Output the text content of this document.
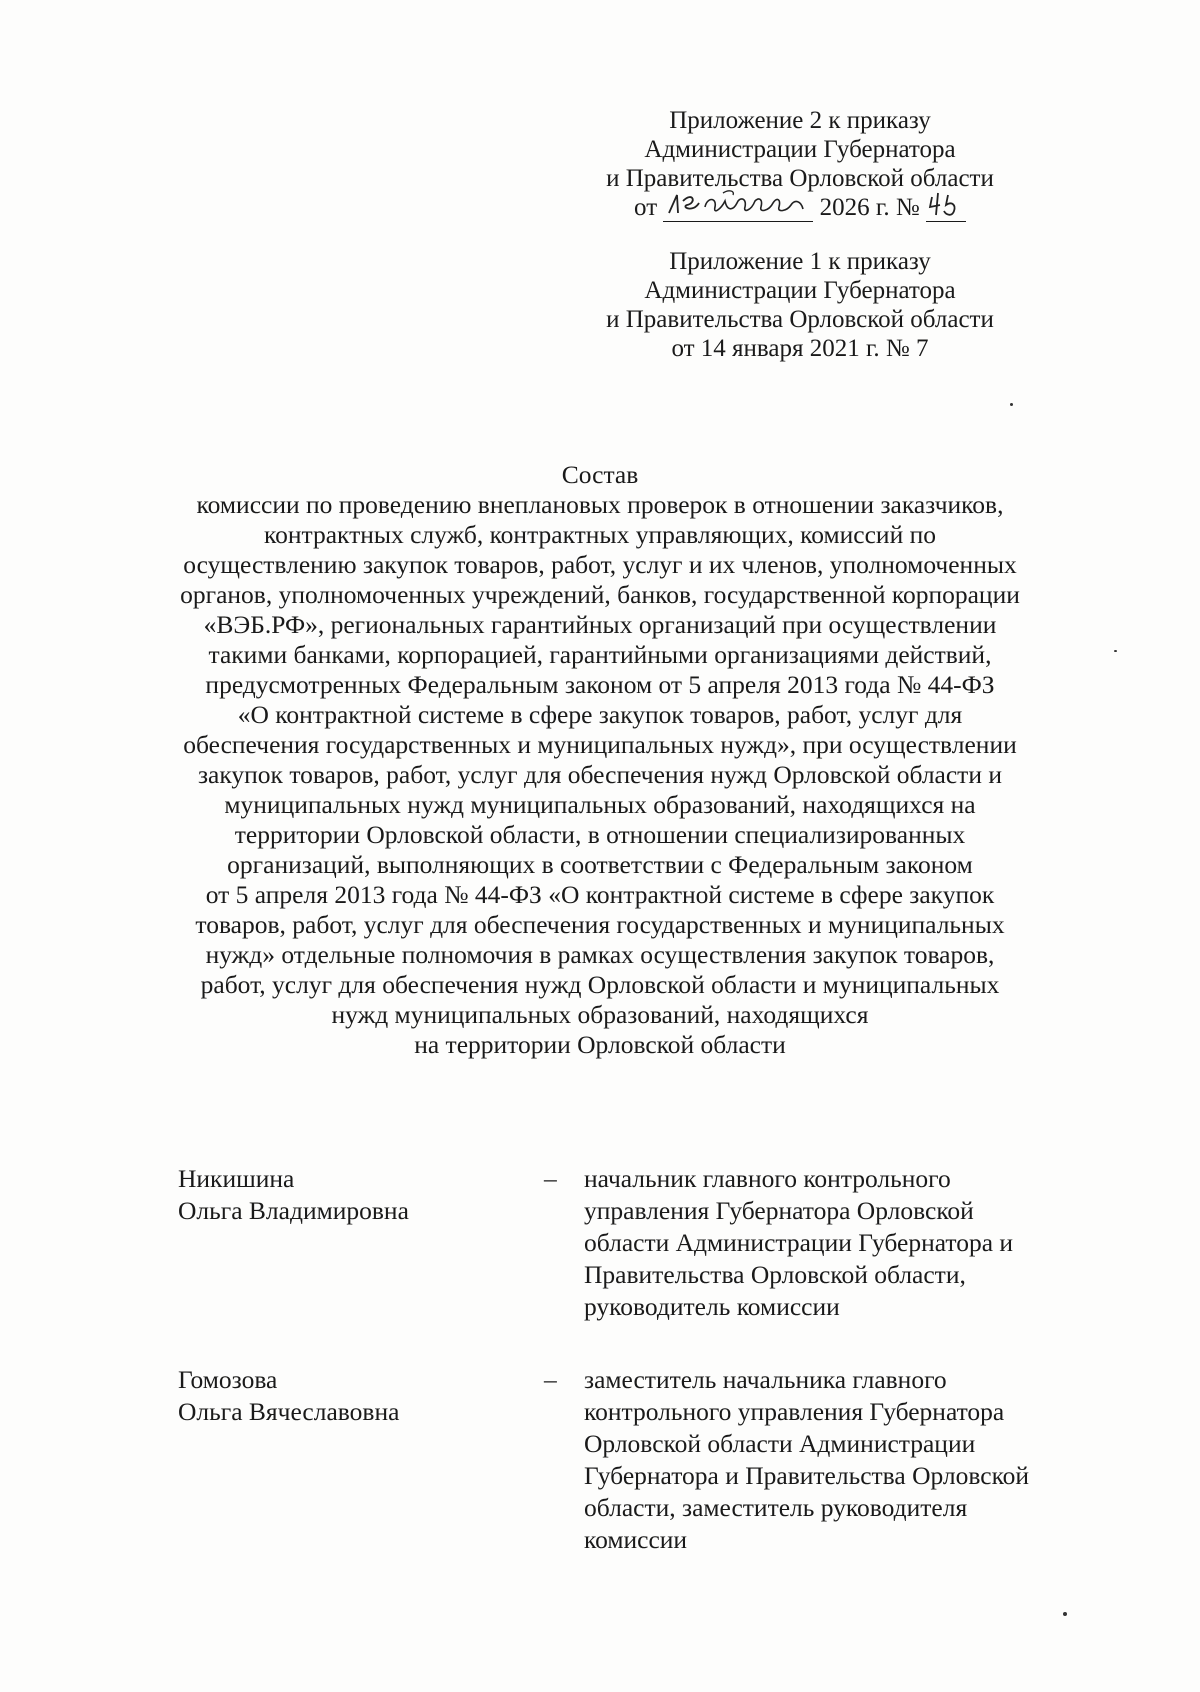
Приложение 2 к приказу
Администрации Губернатора
и Правительства Орловской области
от	2026 г. №
Приложение 1 к приказу
Администрации Губернатора
и Правительства Орловской области
от 14 января 2021 г. № 7
Состав
комиссии по проведению внеплановых проверок в отношении заказчиков,
контрактных служб, контрактных управляющих, комиссий по
осуществлению закупок товаров, работ, услуг и их членов, уполномоченных
органов, уполномоченных учреждений, банков, государственной корпорации
«ВЭБ.РФ», региональных гарантийных организаций при осуществлении
такими банками, корпорацией, гарантийными организациями действий,
предусмотренных Федеральным законом от 5 апреля 2013 года № 44-ФЗ
«О контрактной системе в сфере закупок товаров, работ, услуг для
обеспечения государственных и муниципальных нужд», при осуществлении
закупок товаров, работ, услуг для обеспечения нужд Орловской области и
муниципальных нужд муниципальных образований, находящихся на
территории Орловской области, в отношении специализированных
организаций, выполняющих в соответствии с Федеральным законом
от 5 апреля 2013 года № 44-ФЗ «О контрактной системе в сфере закупок
товаров, работ, услуг для обеспечения государственных и муниципальных
нужд» отдельные полномочия в рамках осуществления закупок товаров,
работ, услуг для обеспечения нужд Орловской области и муниципальных
нужд муниципальных образований, находящихся
на территории Орловской области
Никишина
Ольга Владимировна
– начальник главного контрольного
управления Губернатора Орловской
области Администрации Губернатора и
Правительства Орловской области,
руководитель комиссии
Гомозова
Ольга Вячеславовна
– заместитель начальника главного
контрольного управления Губернатора
Орловской области Администрации
Губернатора и Правительства Орловской
области, заместитель руководителя
комиссии
